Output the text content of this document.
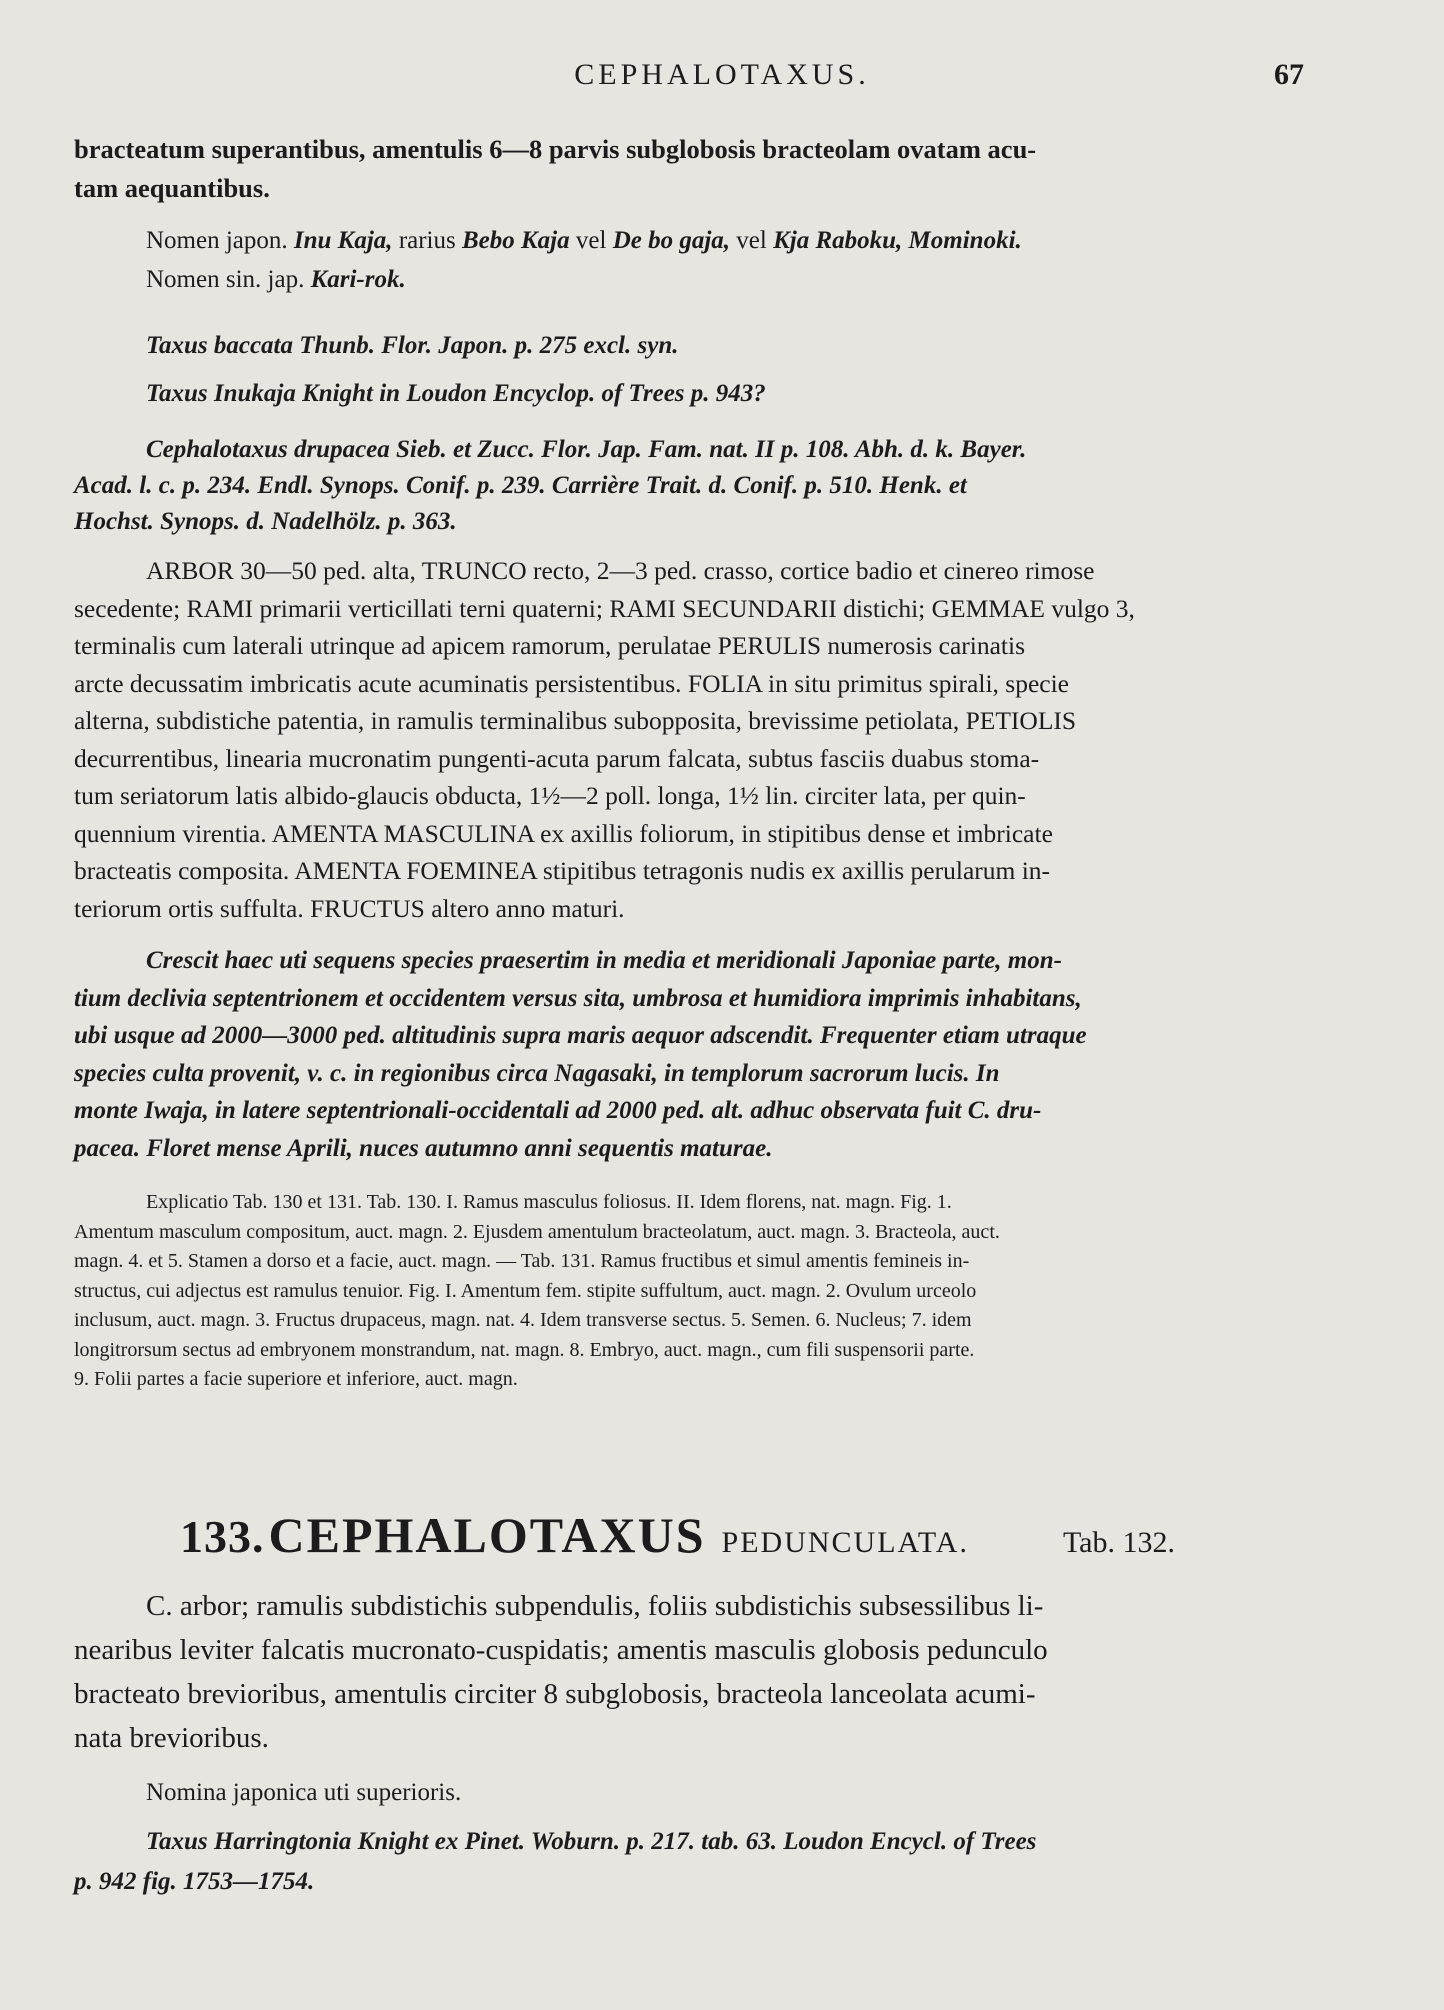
CEPHALOTAXUS.	67
bracteatum superantibus, amentulis 6—8 parvis subglobosis bracteolam ovatam acu-
tam aequantibus.
Nomen japon. Inu Kaja, rarius Bebo Kaja vel De bo gaja, vel Kja Raboku, Mominoki.
Nomen sin. jap. Kari-rok.
Taxus baccata Thunb. Flor. Japon. p. 275 excl. syn.
Taxus Inukaja Knight in Loudon Encyclop. of Trees p. 943?
Cephalotaxus drupacea Sieb. et Zucc. Flor. Jap. Fam. nat. II p. 108. Abh. d. k. Bayer.
Acad. l. c. p. 234. Endl. Synops. Conif. p. 239. Carrière Trait. d. Conif. p. 510. Henk. et
Hochst. Synops. d. Nadelhölz. p. 363.
ARBOR 30—50 ped. alta, TRUNCO recto, 2—3 ped. crasso, cortice badio et cinereo rimose
secedente; RAMI primarii verticillati terni quaterni; RAMI SECUNDARII distichi; GEMMAE vulgo 3,
terminalis cum laterali utrinque ad apicem ramorum, perulatae PERULIS numerosis carinatis
arcte decussatim imbricatis acute acuminatis persistentibus. FOLIA in situ primitus spirali, specie
alterna, subdistiche patentia, in ramulis terminalibus subopposita, brevissime petiolata, PETIOLIS
decurrentibus, linearia mucronatim pungenti-acuta parum falcata, subtus fasciis duabus stoma-
tum seriatorum latis albido-glaucis obducta, 1½—2 poll. longa, 1½ lin. circiter lata, per quin-
quennium virentia. AMENTA MASCULINA ex axillis foliorum, in stipitibus dense et imbricate
bracteatis composita. AMENTA FOEMINEA stipitibus tetragonis nudis ex axillis perularum in-
teriorum ortis suffulta. FRUCTUS altero anno maturi.
Crescit haec uti sequens species praesertim in media et meridionali Japoniae parte, mon-
tium declivia septentrionem et occidentem versus sita, umbrosa et humidiora imprimis inhabitans,
ubi usque ad 2000—3000 ped. altitudinis supra maris aequor adscendit. Frequenter etiam utraque
species culta provenit, v. c. in regionibus circa Nagasaki, in templorum sacrorum lucis. In
monte Iwaja, in latere septentrionali-occidentali ad 2000 ped. alt. adhuc observata fuit C. dru-
pacea. Floret mense Aprili, nuces autumno anni sequentis maturae.
Explicatio Tab. 130 et 131. Tab. 130. I. Ramus masculus foliosus. II. Idem florens, nat. magn. Fig. 1.
Amentum masculum compositum, auct. magn. 2. Ejusdem amentulum bracteolatum, auct. magn. 3. Bracteola, auct.
magn. 4. et 5. Stamen a dorso et a facie, auct. magn. — Tab. 131. Ramus fructibus et simul amentis femineis in-
structus, cui adjectus est ramulus tenuior. Fig. I. Amentum fem. stipite suffultum, auct. magn. 2. Ovulum urceolo
inclusum, auct. magn. 3. Fructus drupaceus, magn. nat. 4. Idem transverse sectus. 5. Semen. 6. Nucleus; 7. idem
longitrorsum sectus ad embryonem monstrandum, nat. magn. 8. Embryo, auct. magn., cum fili suspensorii parte.
9. Folii partes a facie superiore et inferiore, auct. magn.
133. CEPHALOTAXUS PEDUNCULATA.	Tab. 132.
C. arbor; ramulis subdistichis subpendulis, foliis subdistichis subsessilibus li-
nearibus leviter falcatis mucronato-cuspidatis; amentis masculis globosis pedunculo
bracteato brevioribus, amentulis circiter 8 subglobosis, bracteola lanceolata acumi-
nata brevioribus.
Nomina japonica uti superioris.
Taxus Harringtonia Knight ex Pinet. Woburn. p. 217. tab. 63. Loudon Encycl. of Trees
p. 942 fig. 1753—1754.
